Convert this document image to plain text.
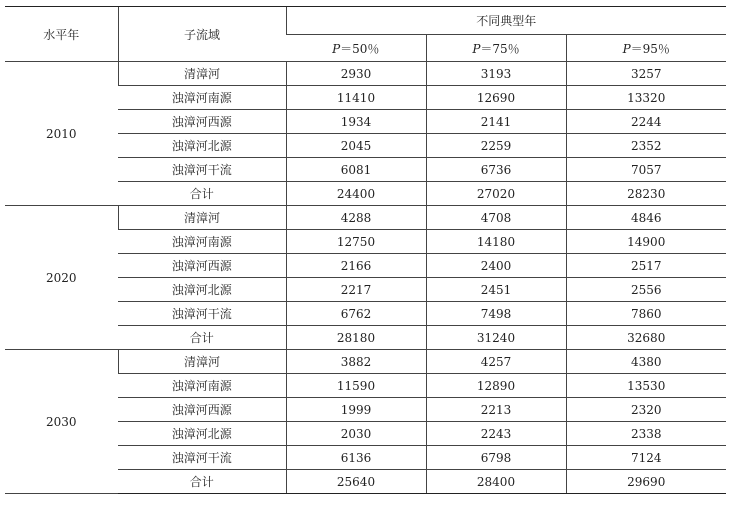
水平年	子流域	不同典型年		
		P＝50％	P＝75％	P＝95％
2010	清漳河	2930	3193	3257
	浊漳河南源	11410	12690	13320
	浊漳河西源	1934	2141	2244
	浊漳河北源	2045	2259	2352
	浊漳河干流	6081	6736	7057
	合计	24400	27020	28230
2020	清漳河	4288	4708	4846
	浊漳河南源	12750	14180	14900
	浊漳河西源	2166	2400	2517
	浊漳河北源	2217	2451	2556
	浊漳河干流	6762	7498	7860
	合计	28180	31240	32680
2030	清漳河	3882	4257	4380
	浊漳河南源	11590	12890	13530
	浊漳河西源	1999	2213	2320
	浊漳河北源	2030	2243	2338
	浊漳河干流	6136	6798	7124
	合计	25640	28400	29690
